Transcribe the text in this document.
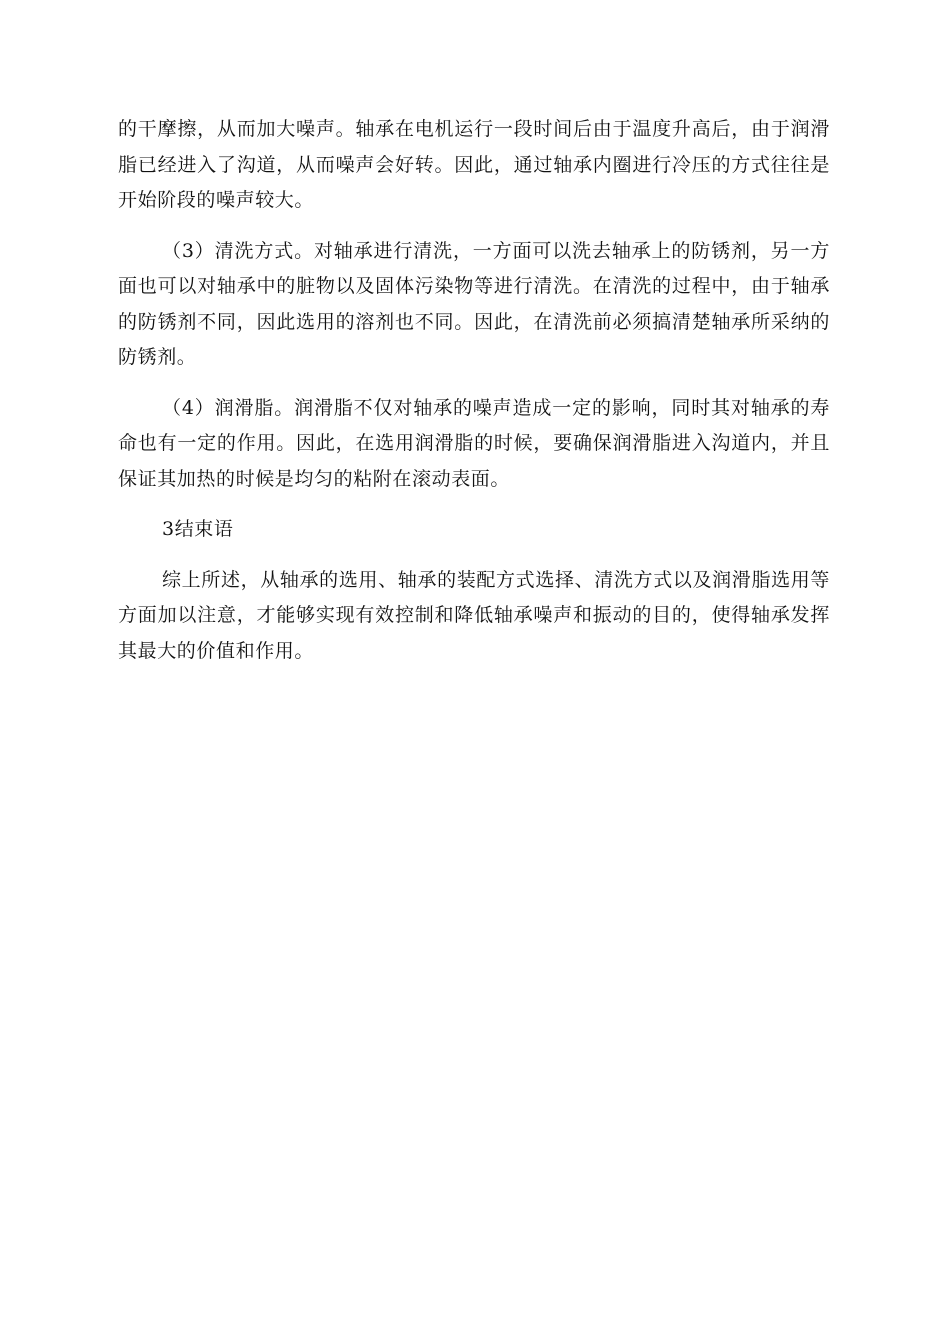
的干摩擦，从而加大噪声。轴承在电机运行一段时间后由于温度升高后，由于润滑脂已经进入了沟道，从而噪声会好转。因此，通过轴承内圈进行冷压的方式往往是开始阶段的噪声较大。

（3）清洗方式。对轴承进行清洗，一方面可以洗去轴承上的防锈剂，另一方面也可以对轴承中的脏物以及固体污染物等进行清洗。在清洗的过程中，由于轴承的防锈剂不同，因此选用的溶剂也不同。因此，在清洗前必须搞清楚轴承所采纳的防锈剂。

（4）润滑脂。润滑脂不仅对轴承的噪声造成一定的影响，同时其对轴承的寿命也有一定的作用。因此，在选用润滑脂的时候，要确保润滑脂进入沟道内，并且保证其加热的时候是均匀的粘附在滚动表面。

3结束语

综上所述，从轴承的选用、轴承的装配方式选择、清洗方式以及润滑脂选用等方面加以注意，才能够实现有效控制和降低轴承噪声和振动的目的，使得轴承发挥其最大的价值和作用。
